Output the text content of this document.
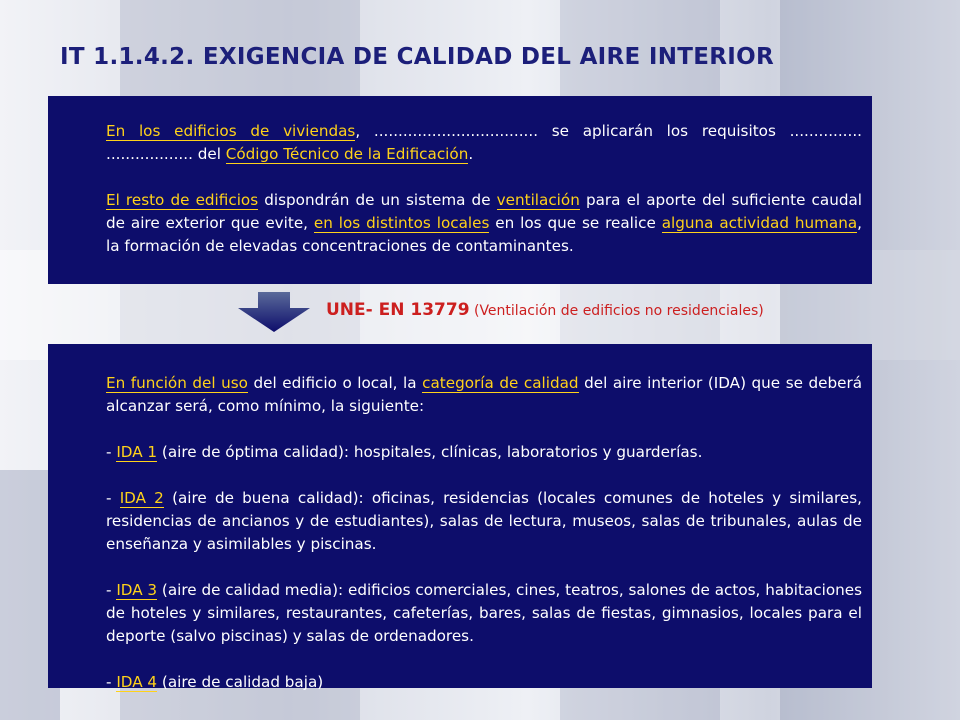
IT 1.1.4.2. EXIGENCIA DE CALIDAD DEL AIRE INTERIOR
En los edificios de viviendas, .................................. se aplicarán los requisitos ............... .................. del Código Técnico de la Edificación.
El resto de edificios dispondrán de un sistema de ventilación para el aporte del suficiente caudal de aire exterior que evite, en los distintos locales en los que se realice alguna actividad humana, la formación de elevadas concentraciones de contaminantes.
UNE- EN 13779 (Ventilación de edificios no residenciales)
En función del uso del edificio o local, la categoría de calidad del aire interior (IDA) que se deberá alcanzar será, como mínimo, la siguiente:
- IDA 1 (aire de óptima calidad): hospitales, clínicas, laboratorios y guarderías.
- IDA 2 (aire de buena calidad): oficinas, residencias (locales comunes de hoteles y similares, residencias de ancianos y de estudiantes), salas de lectura, museos, salas de tribunales, aulas de enseñanza y asimilables y piscinas.
- IDA 3 (aire de calidad media): edificios comerciales, cines, teatros, salones de actos, habitaciones de hoteles y similares, restaurantes, cafeterías, bares, salas de fiestas, gimnasios, locales para el deporte (salvo piscinas) y salas de ordenadores.
- IDA 4 (aire de calidad baja)
